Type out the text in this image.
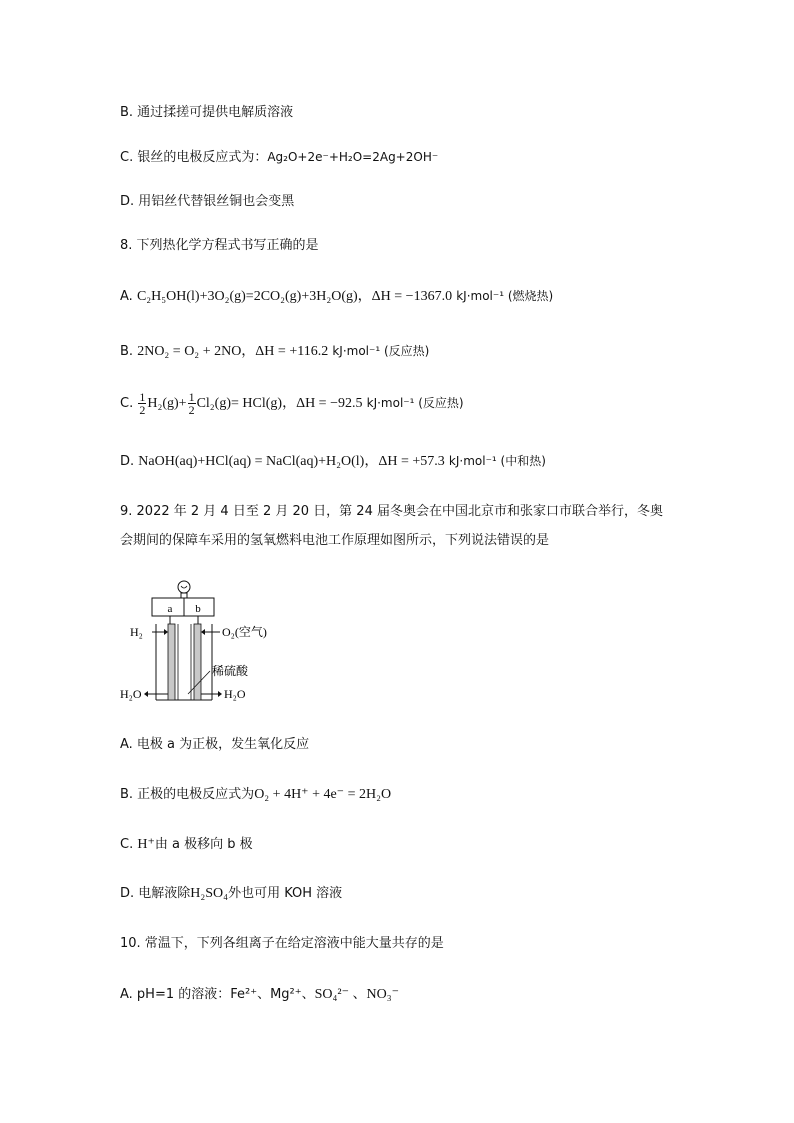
B. 通过揉搓可提供电解质溶液
C. 银丝的电极反应式为：Ag₂O+2e⁻+H₂O=2Ag+2OH⁻
D. 用铝丝代替银丝铜也会变黑
8. 下列热化学方程式书写正确的是
A. C₂H₅OH(l)+3O₂(g)=2CO₂(g)+3H₂O(g)，ΔH = −1367.0 kJ·mol⁻¹ (燃烧热)
B. 2NO₂ = O₂ + 2NO，ΔH = +116.2 kJ·mol⁻¹ (反应热)
C. $\frac{1}{2} H_2(g)+ \frac{1}{2} Cl_2(g)= HCl(g)$，ΔH = −92.5 kJ·mol⁻¹ (反应热)
D. NaOH(aq)+HCl(aq) = NaCl(aq)+H₂O(l)，ΔH = +57.3 kJ·mol⁻¹ (中和热)
9. 2022 年 2 月 4 日至 2 月 20 日，第 24 届冬奥会在中国北京市和张家口市联合举行，冬奥
会期间的保障车采用的氢氧燃料电池工作原理如图所示，下列说法错误的是
a b
H₂	O₂(空气)
稀硫酸
H₂O	H₂O
A. 电极 a 为正极，发生氧化反应
B. 正极的电极反应式为O₂ + 4H⁺ + 4e⁻ = 2H₂O
C. H⁺由 a 极移向 b 极
D. 电解液除H₂SO₄外也可用 KOH 溶液
10. 常温下，下列各组离子在给定溶液中能大量共存的是
A. pH=1 的溶液：Fe²⁺、Mg²⁺、SO₄²⁻ 、NO₃⁻
